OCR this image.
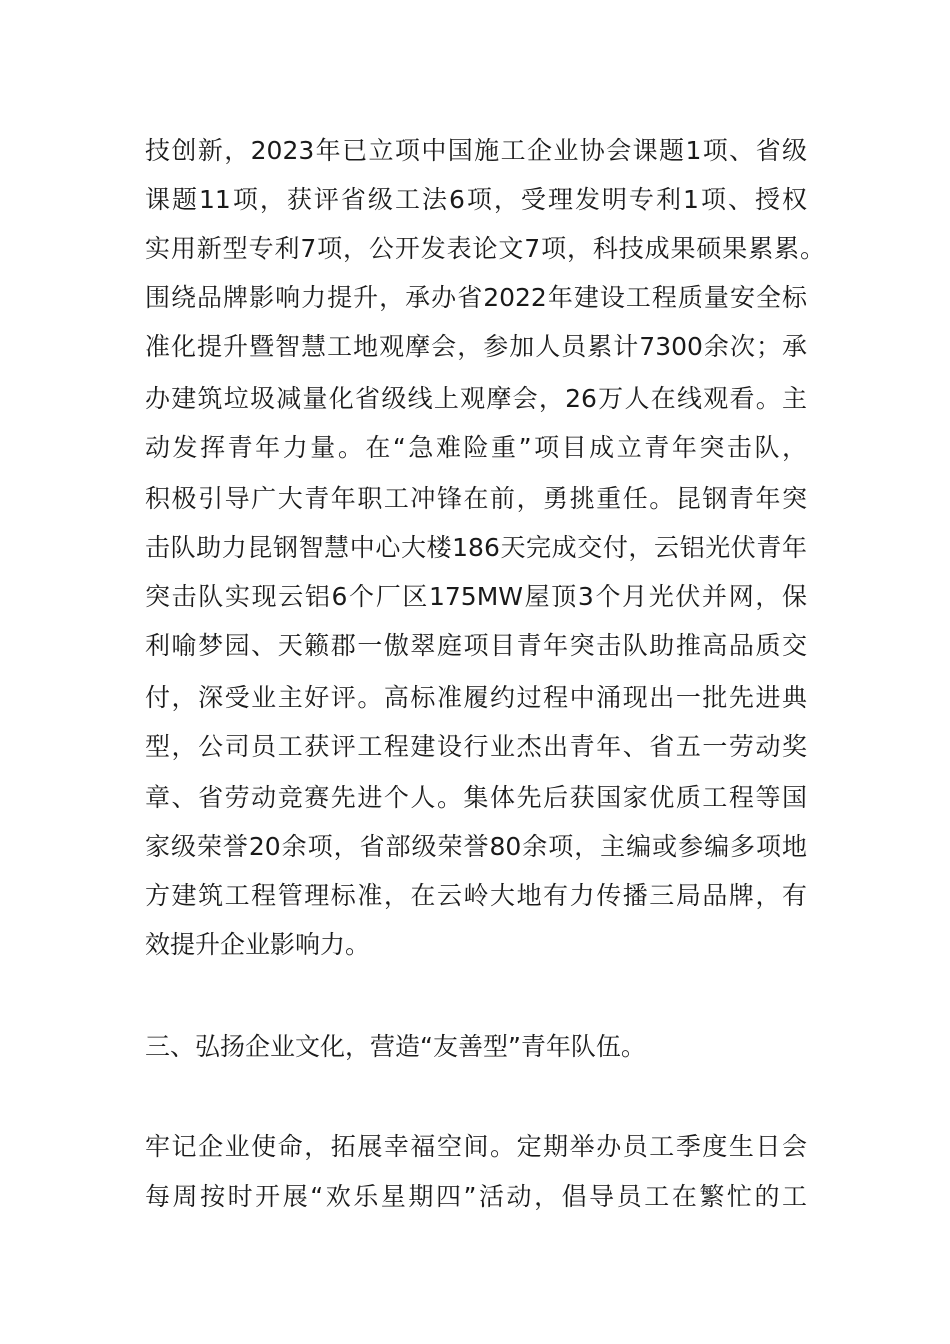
技创新，2023年已立项中国施工企业协会课题1项、省级
课题11项，获评省级工法6项，受理发明专利1项、授权
实用新型专利7项，公开发表论文7项，科技成果硕果累累。
围绕品牌影响力提升，承办省2022年建设工程质量安全标
准化提升暨智慧工地观摩会，参加人员累计7300余次；承
办建筑垃圾减量化省级线上观摩会，26万人在线观看。主
动发挥青年力量。在“急难险重”项目成立青年突击队，
积极引导广大青年职工冲锋在前，勇挑重任。昆钢青年突
击队助力昆钢智慧中心大楼186天完成交付，云铝光伏青年
突击队实现云铝6个厂区175MW屋顶3个月光伏并网，保
利喻梦园、天籁郡一傲翠庭项目青年突击队助推高品质交
付，深受业主好评。高标准履约过程中涌现出一批先进典
型，公司员工获评工程建设行业杰出青年、省五一劳动奖
章、省劳动竞赛先进个人。集体先后获国家优质工程等国
家级荣誉20余项，省部级荣誉80余项，主编或参编多项地
方建筑工程管理标准，在云岭大地有力传播三局品牌，有
效提升企业影响力。
三、弘扬企业文化，营造“友善型”青年队伍。
牢记企业使命，拓展幸福空间。定期举办员工季度生日会
每周按时开展“欢乐星期四”活动，倡导员工在繁忙的工
